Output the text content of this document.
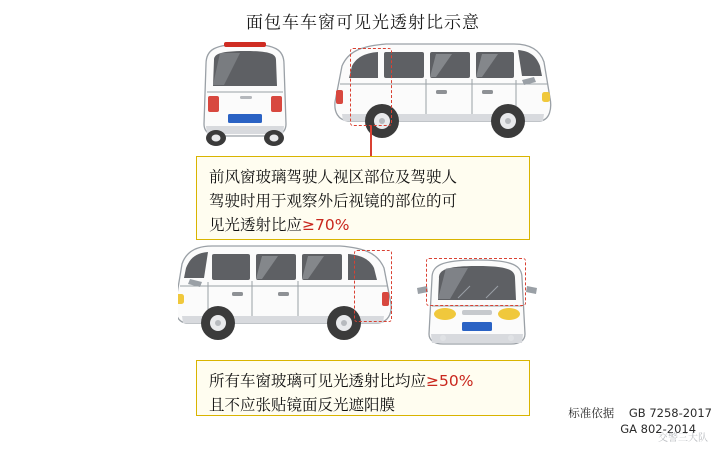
面包车车窗可见光透射比示意
前风窗玻璃驾驶人视区部位及驾驶人
驾驶时用于观察外后视镜的部位的可
见光透射比应≥70%
所有车窗玻璃可见光透射比均应≥50%
且不应张贴镜面反光遮阳膜	标准依据 GB 7258-2017
GA 802-2014
交警三大队
